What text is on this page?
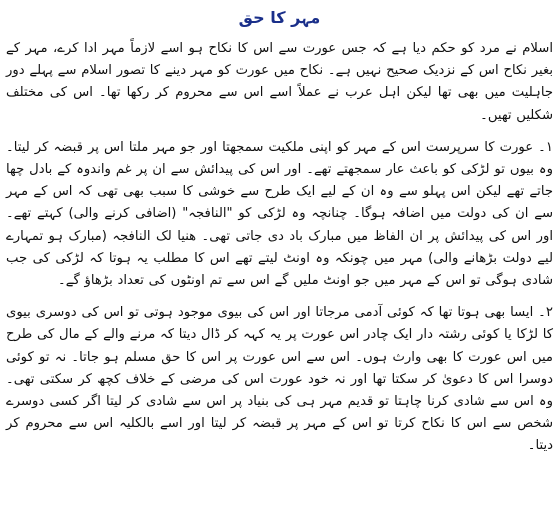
مہر کا حق

اسلام نے مرد کو حکم دیا ہے کہ جس عورت سے اس کا نکاح ہو اسے لازماً مہر ادا کرے، مہر کے بغیر نکاح اس کے نزدیک صحیح نہیں ہے۔ نکاح میں عورت کو مہر دینے کا تصور اسلام سے پہلے دور جاہلیت میں بھی تھا لیکن اہل عرب نے عملاً اسے اس سے محروم کر رکھا تھا۔ اس کی مختلف شکلیں تھیں۔

۱۔ عورت کا سرپرست اس کے مہر کو اپنی ملکیت سمجھتا اور جو مہر ملتا اس پر قبضہ کر لیتا۔ وہ بیوں تو لڑکی کو باعث عار سمجھتے تھے۔ اور اس کی پیدائش سے ان پر غم واندوہ کے بادل چھا جاتے تھے لیکن اس پہلو سے وہ ان کے لیے ایک طرح سے خوشی کا سبب بھی تھی کہ اس کے مہر سے ان کی دولت میں اضافہ ہوگا۔ چنانچہ وہ لڑکی کو "النافجہ" (اضافی کرنے والی) کہتے تھے۔ اور اس کی پیدائش پر ان الفاظ میں مبارک باد دی جاتی تھی۔ ھنیا لک النافجہ (مبارک ہو تمہارے لیے دولت بڑھانے والی) مہر میں چونکہ وہ اونٹ لیتے تھے اس کا مطلب یہ ہوتا کہ لڑکی کی جب شادی ہوگی تو اس کے مہر میں جو اونٹ ملیں گے اس سے تم اونٹوں کی تعداد بڑھاؤ گے۔

۲۔ ایسا بھی ہوتا تھا کہ کوئی آدمی مرجاتا اور اس کی بیوی موجود ہوتی تو اس کی دوسری بیوی کا لڑکا یا کوئی رشتہ دار ایک چادر اس عورت پر یہ کہہ کر ڈال دیتا کہ مرنے والے کے مال کی طرح میں اس عورت کا بھی وارث ہوں۔ اس سے اس عورت پر اس کا حق مسلم ہو جاتا۔ نہ تو کوئی دوسرا اس کا دعویٰ کر سکتا تھا اور نہ خود عورت اس کی مرضی کے خلاف کچھ کر سکتی تھی۔ وہ اس سے شادی کرنا چاہتا تو قدیم مہر ہی کی بنیاد پر اس سے شادی کر لیتا اگر کسی دوسرے شخص سے اس کا نکاح کرتا تو اس کے مہر پر قبضہ کر لیتا اور اسے بالکلیہ اس سے محروم کر دیتا۔
